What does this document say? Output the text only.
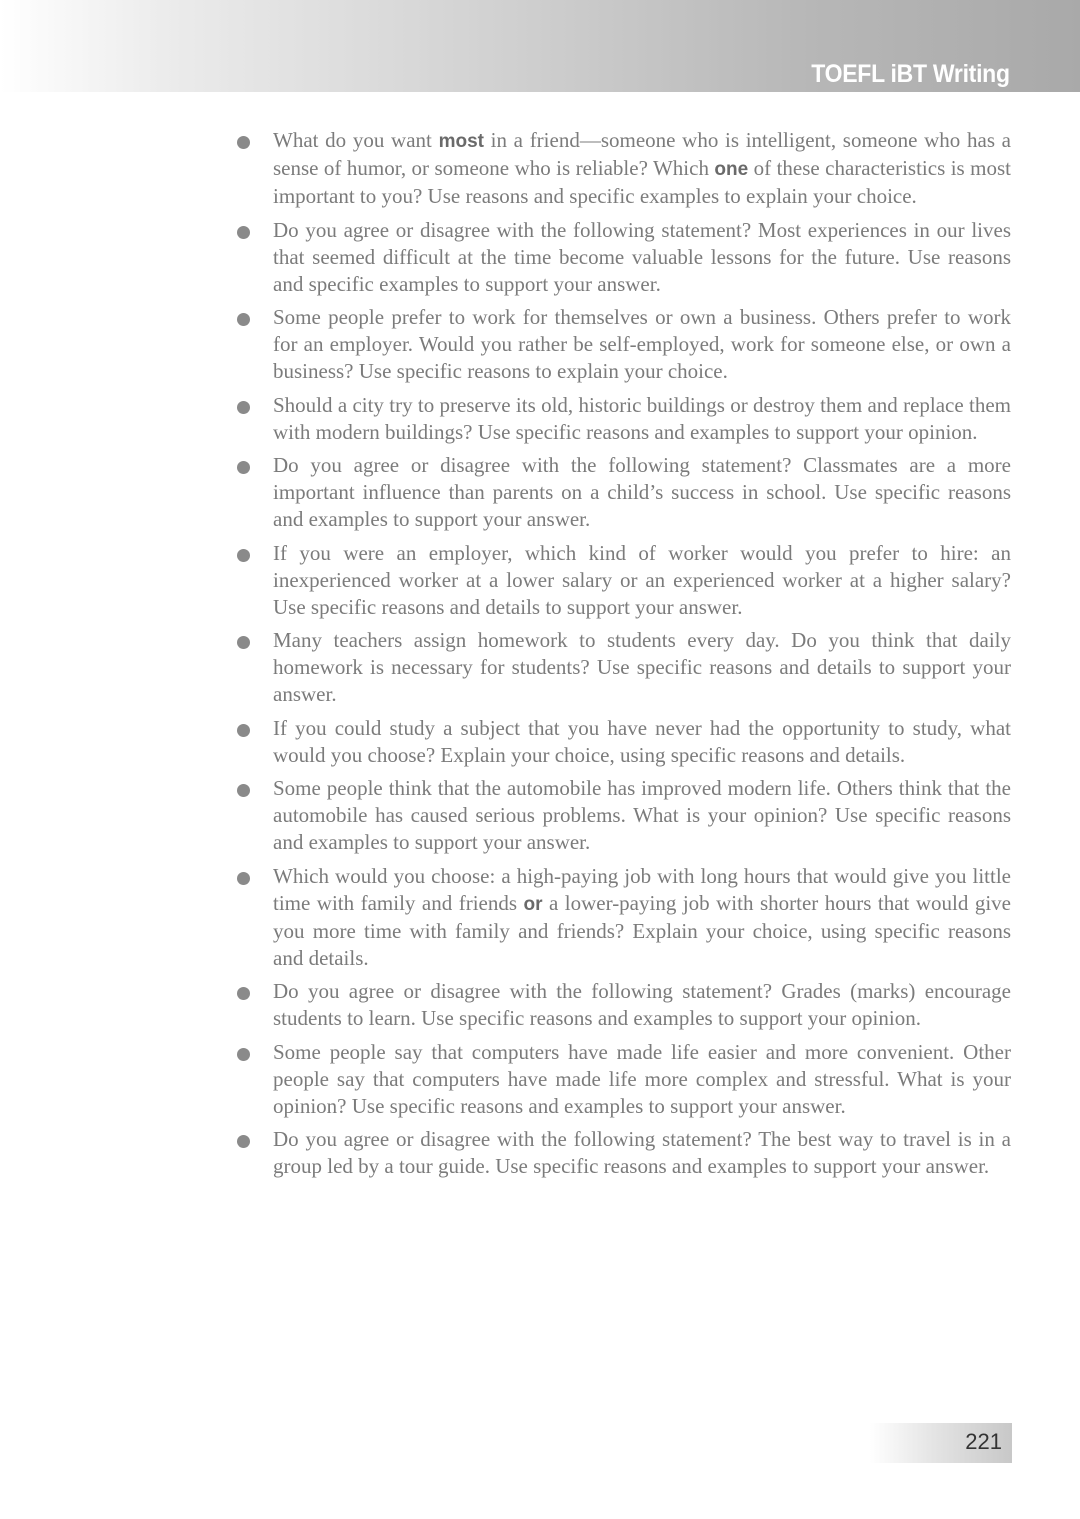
TOEFL iBT Writing
What do you want most in a friend—someone who is intelligent, someone who has a sense of humor, or someone who is reliable? Which one of these characteristics is most important to you? Use reasons and specific examples to explain your choice.
Do you agree or disagree with the following statement? Most experiences in our lives that seemed difficult at the time become valuable lessons for the future. Use reasons and specific examples to support your answer.
Some people prefer to work for themselves or own a business. Others prefer to work for an employer. Would you rather be self-employed, work for someone else, or own a business? Use specific reasons to explain your choice.
Should a city try to preserve its old, historic buildings or destroy them and replace them with modern buildings? Use specific reasons and examples to support your opinion.
Do you agree or disagree with the following statement? Classmates are a more important influence than parents on a child’s success in school. Use specific reasons and examples to support your answer.
If you were an employer, which kind of worker would you prefer to hire: an inexperienced worker at a lower salary or an experienced worker at a higher salary? Use specific reasons and details to support your answer.
Many teachers assign homework to students every day. Do you think that daily homework is necessary for students? Use specific reasons and details to support your answer.
If you could study a subject that you have never had the opportunity to study, what would you choose? Explain your choice, using specific reasons and details.
Some people think that the automobile has improved modern life. Others think that the automobile has caused serious problems. What is your opinion? Use specific reasons and examples to support your answer.
Which would you choose: a high-paying job with long hours that would give you little time with family and friends or a lower-paying job with shorter hours that would give you more time with family and friends? Explain your choice, using specific reasons and details.
Do you agree or disagree with the following statement? Grades (marks) encourage students to learn. Use specific reasons and examples to support your opinion.
Some people say that computers have made life easier and more convenient. Other people say that computers have made life more complex and stressful. What is your opinion? Use specific reasons and examples to support your answer.
Do you agree or disagree with the following statement? The best way to travel is in a group led by a tour guide. Use specific reasons and examples to support your answer.
221
